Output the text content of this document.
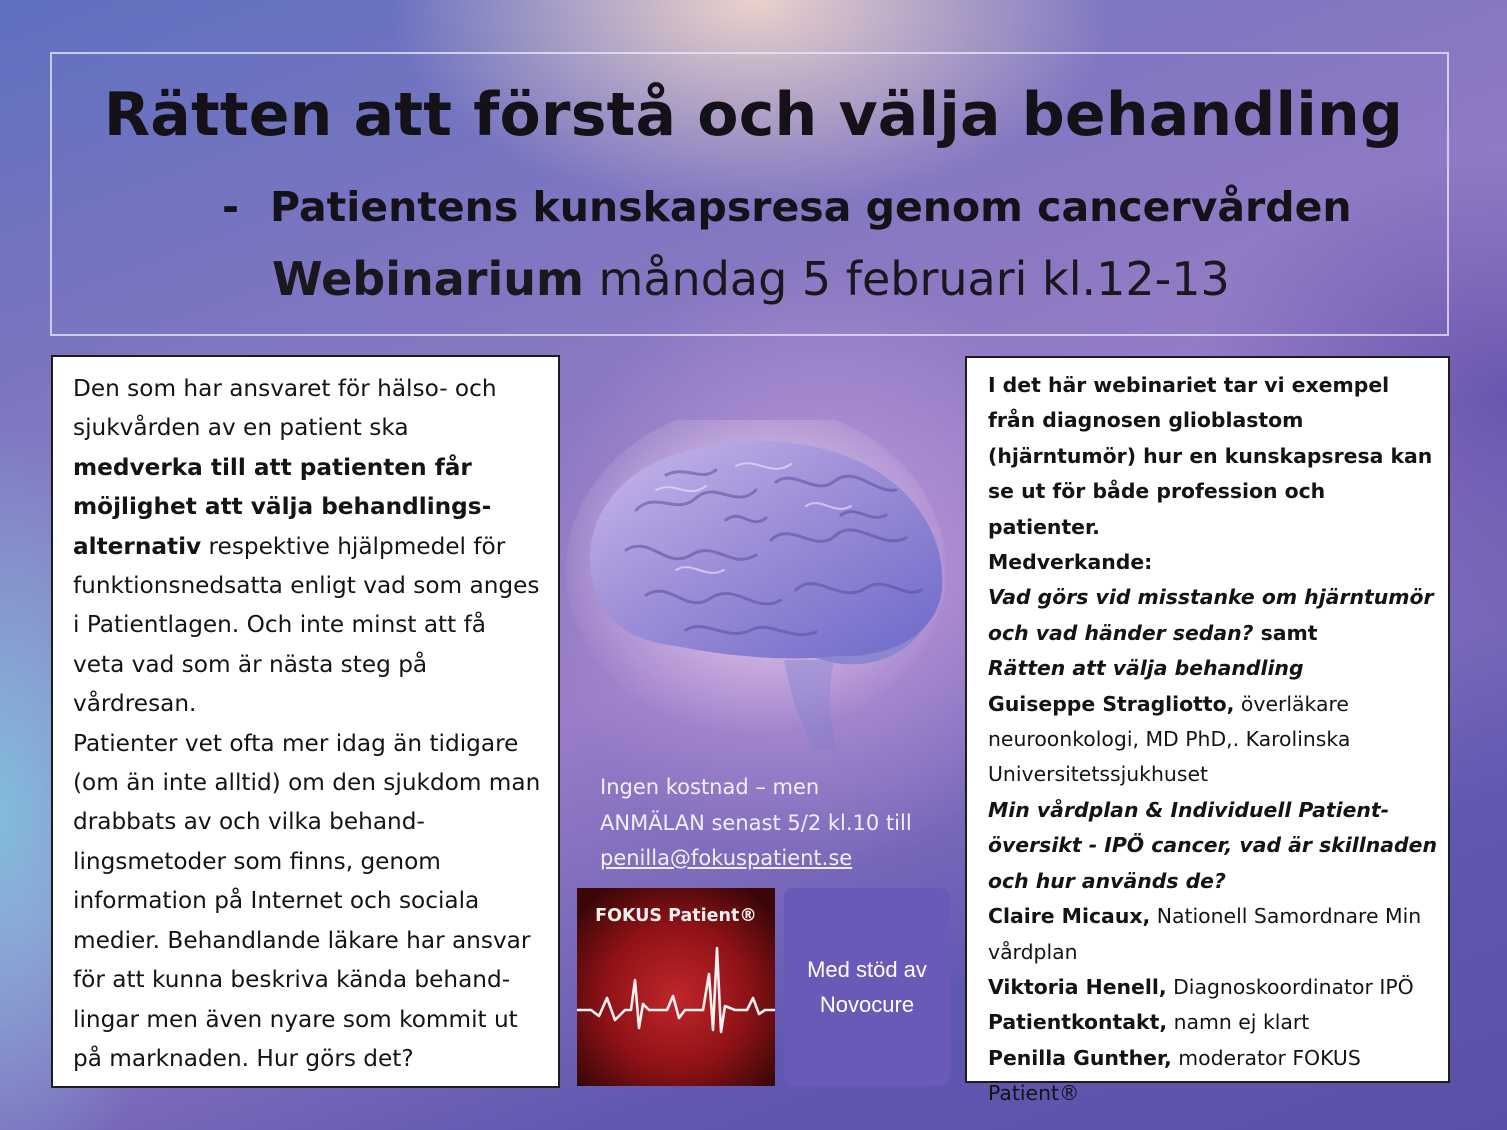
Rätten att förstå och välja behandling
- Patientens kunskapsresa genom cancervården
Webinarium måndag 5 februari kl.12-13

Den som har ansvaret för hälso- och sjukvården av en patient ska medverka till att patienten får möjlighet att välja behandlings-alternativ respektive hjälpmedel för funktionsnedsatta enligt vad som anges i Patientlagen. Och inte minst att få veta vad som är nästa steg på vårdresan.

Patienter vet ofta mer idag än tidigare (om än inte alltid) om den sjukdom man drabbats av och vilka behand-lingsmetoder som finns, genom information på Internet och sociala medier. Behandlande läkare har ansvar för att kunna beskriva kända behand-lingar men även nyare som kommit ut på marknaden. Hur görs det?

Ingen kostnad – men
ANMÄLAN senast 5/2 kl.10 till
penilla@fokuspatient.se
FOKUS Patient®
Med stöd av
Novocure

I det här webinariet tar vi exempel från diagnosen glioblastom (hjärntumör) hur en kunskapsresa kan se ut för både profession och patienter.

Medverkande:

Vad görs vid misstanke om hjärntumör och vad händer sedan? samt

Rätten att välja behandling

Guiseppe Stragliotto, överläkare neuroonkologi, MD PhD,. Karolinska Universitetssjukhuset

Min vårdplan & Individuell Patient-översikt - IPÖ cancer, vad är skillnaden och hur används de?

Claire Micaux, Nationell Samordnare Min vårdplan

Viktoria Henell, Diagnoskoordinator IPÖ

Patientkontakt, namn ej klart

Penilla Gunther, moderator FOKUS Patient®
